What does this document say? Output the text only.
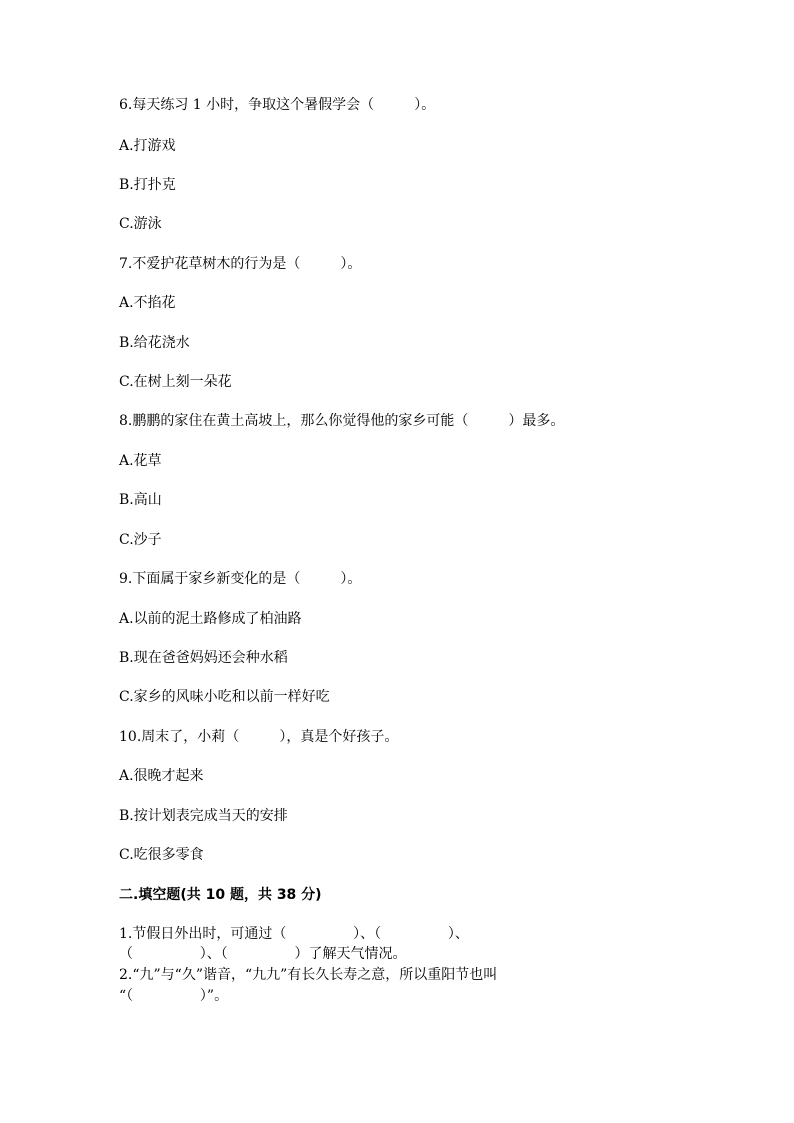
6.每天练习 1 小时，争取这个暑假学会（         ）。
A.打游戏
B.打扑克
C.游泳
7.不爱护花草树木的行为是（         ）。
A.不掐花
B.给花浇水
C.在树上刻一朵花
8.鹏鹏的家住在黄土高坡上，那么你觉得他的家乡可能（         ）最多。
A.花草
B.高山
C.沙子
9.下面属于家乡新变化的是（         ）。
A.以前的泥土路修成了柏油路
B.现在爸爸妈妈还会种水稻
C.家乡的风味小吃和以前一样好吃
10.周末了，小莉（         ），真是个好孩子。
A.很晚才起来
B.按计划表完成当天的安排
C.吃很多零食
二.填空题(共 10 题，共 38 分)
1.节假日外出时，可通过（               ）、（               ）、
（               ）、（               ）了解天气情况。
2.“九”与“久”谐音，“九九”有长久长寿之意，所以重阳节也叫
“（               ）”。
